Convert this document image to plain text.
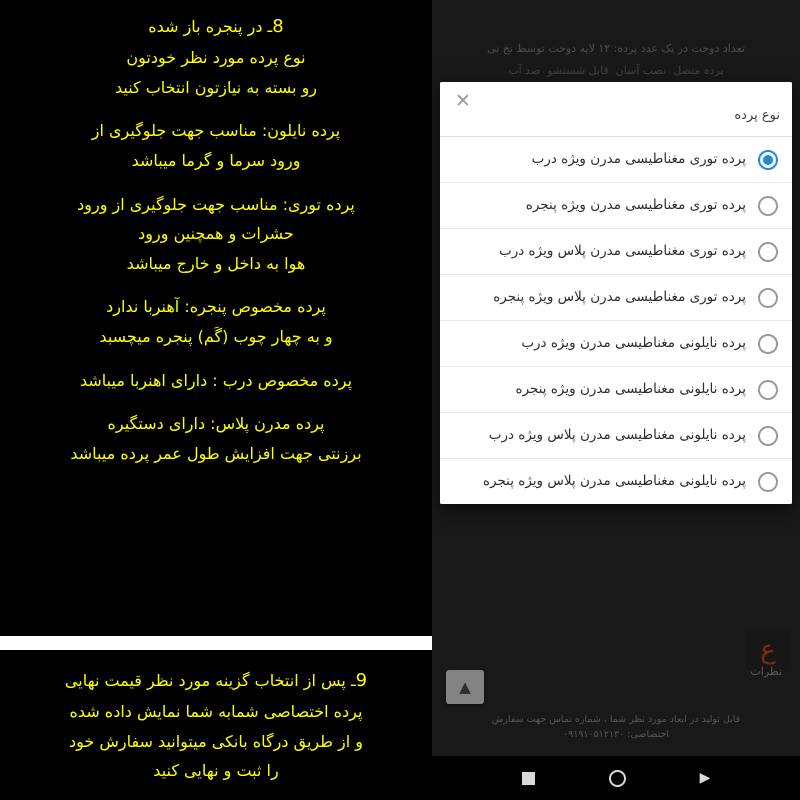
8ـ در پنجره باز شده

نوع پرده مورد نظر خودتون

رو بسته به نیازتون انتخاب کنید

پرده نایلون: مناسب جهت جلوگیری از

ورود سرما و گرما میباشد

پرده توری: مناسب جهت جلوگیری از ورود

حشرات و همچنین ورود

هوا به داخل و خارج میباشد

پرده مخصوص پنجره: آهنربا ندارد

و به چهار چوب (گَم) پنجره میچسبد

پرده مخصوص درب : دارای اهنربا میباشد

پرده مدرن پلاس: دارای دستگیره

برزنتی جهت افزایش طول عمر پرده میباشد

9ـ پس از انتخاب گزینه مورد نظر قیمت نهایی

پرده اختصاصی شمابه شما نمایش داده شده

و از طریق درگاه بانکی میتوانید سفارش خود

را ثبت و نهایی کنید

تعداد دوخت در یک عدد پرده: ۱۲ لایه دوخت توسط نخ نی
پرده متصل ‌ نصب آسان ‌ قابل شستشو ‌ ضد آب
ع
نظرات
▲
قابل تولید در ابعاد مورد نظر شما ، شماره تماس جهت سفارش
اختصاصی: ۰۹۱۹۱۰۵۱۲۱۳۰
✕
نوع پرده
پرده توری مغناطیسی مدرن ویژه درب
پرده توری مغناطیسی مدرن ویژه پنجره
پرده توری مغناطیسی مدرن پلاس ویژه درب
پرده توری مغناطیسی مدرن پلاس ویژه پنجره
پرده نایلونی مغناطیسی مدرن ویژه درب
پرده نایلونی مغناطیسی مدرن ویژه پنجره
پرده نایلونی مغناطیسی مدرن پلاس ویژه درب
پرده نایلونی مغناطیسی مدرن پلاس ویژه پنجره
▶
